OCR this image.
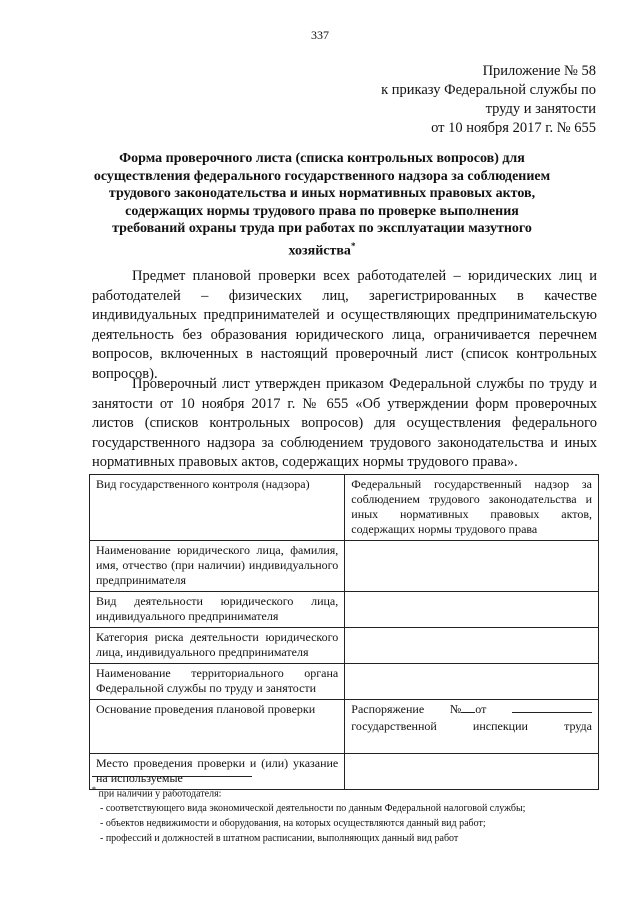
337
Приложение № 58
к приказу Федеральной службы по
труду и занятости
от 10 ноября 2017 г. № 655
Форма проверочного листа (списка контрольных вопросов) для осуществления федерального государственного надзора за соблюдением трудового законодательства и иных нормативных правовых актов, содержащих нормы трудового права по проверке выполнения требований охраны труда при работах по эксплуатации мазутного хозяйства*
Предмет плановой проверки всех работодателей – юридических лиц и работодателей – физических лиц, зарегистрированных в качестве индивидуальных предпринимателей и осуществляющих предпринимательскую деятельность без образования юридического лица, ограничивается перечнем вопросов, включенных в настоящий проверочный лист (список контрольных вопросов).
Проверочный лист утвержден приказом Федеральной службы по труду и занятости от 10 ноября 2017 г. № 655 «Об утверждении форм проверочных листов (списков контрольных вопросов) для осуществления федерального государственного надзора за соблюдением трудового законодательства и иных нормативных правовых актов, содержащих нормы трудового права».
Вид государственного контроля (надзора)	Федеральный государственный надзор за соблюдением трудового законодательства и иных нормативных правовых актов, содержащих нормы трудового права
Наименование юридического лица, фамилия, имя, отчество (при наличии) индивидуального предпринимателя	
Вид деятельности юридического лица, индивидуального предпринимателя	
Категория риска деятельности юридического лица, индивидуального предпринимателя	
Наименование территориального органа Федеральной службы по труду и занятости	
Основание проведения плановой проверки	Распоряжение № от
государственной инспекции труда

Место проведения проверки и (или) указание на используемые	
* при наличии у работодателя:
- соответствующего вида экономической деятельности по данным Федеральной налоговой службы;
- объектов недвижимости и оборудования, на которых осуществляются данный вид работ;
- профессий и должностей в штатном расписании, выполняющих данный вид работ
